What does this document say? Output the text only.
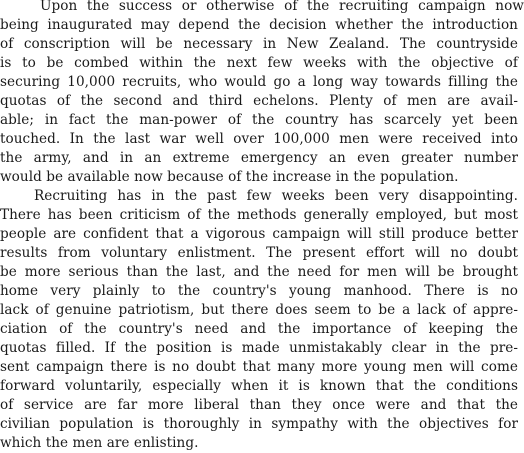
Upon the success or otherwise of the recruiting campaign now
being inaugurated may depend the decision whether the introduction
of conscription will be necessary in New Zealand. The countryside
is to be combed within the next few weeks with the objective of
securing 10,000 recruits, who would go a long way towards filling the
quotas of the second and third echelons. Plenty of men are avail-
able; in fact the man-power of the country has scarcely yet been
touched. In the last war well over 100,000 men were received into
the army, and in an extreme emergency an even greater number
would be available now because of the increase in the population.
Recruiting has in the past few weeks been very disappointing.
There has been criticism of the methods generally employed, but most
people are confident that a vigorous campaign will still produce better
results from voluntary enlistment. The present effort will no doubt
be more serious than the last, and the need for men will be brought
home very plainly to the country's young manhood. There is no
lack of genuine patriotism, but there does seem to be a lack of appre-
ciation of the country's need and the importance of keeping the
quotas filled. If the position is made unmistakably clear in the pre-
sent campaign there is no doubt that many more young men will come
forward voluntarily, especially when it is known that the conditions
of service are far more liberal than they once were and that the
civilian population is thoroughly in sympathy with the objectives for
which the men are enlisting.
